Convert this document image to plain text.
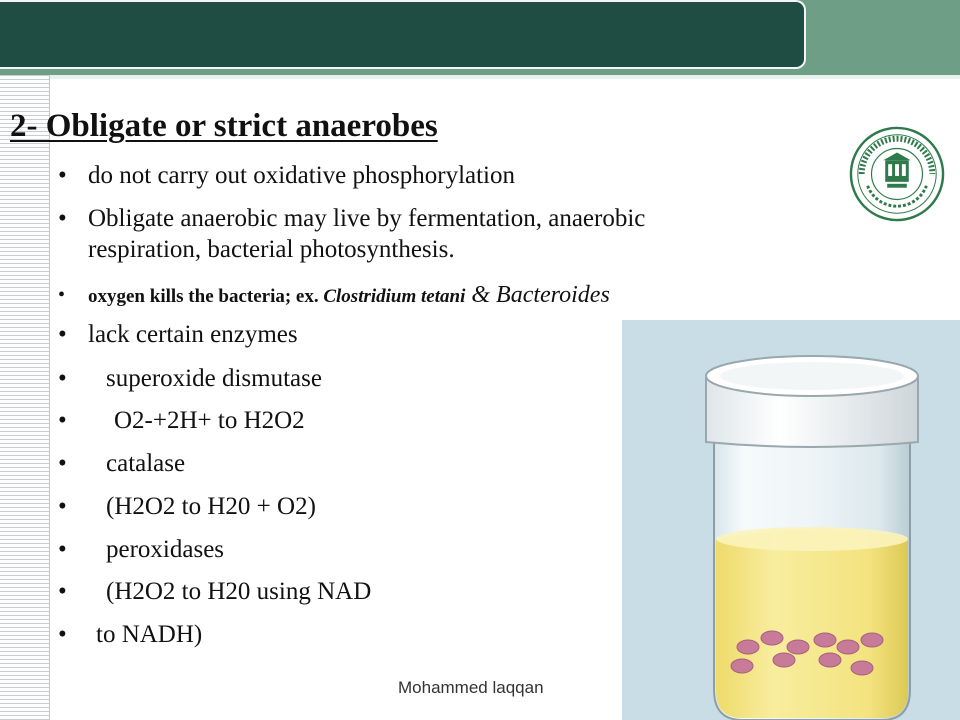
2- Obligate or strict anaerobes
• do not carry out oxidative phosphorylation
• Obligate anaerobic may live by fermentation, anaerobic
respiration, bacterial photosynthesis.
• oxygen kills the bacteria; ex. Clostridium tetani & Bacteroides
• lack certain enzymes
• superoxide dismutase
• O2-+2H+ to H2O2
• catalase
• (H2O2 to H20 + O2)
• peroxidases
• (H2O2 to H20 using NAD
• to NADH)
Mohammed laqqan
